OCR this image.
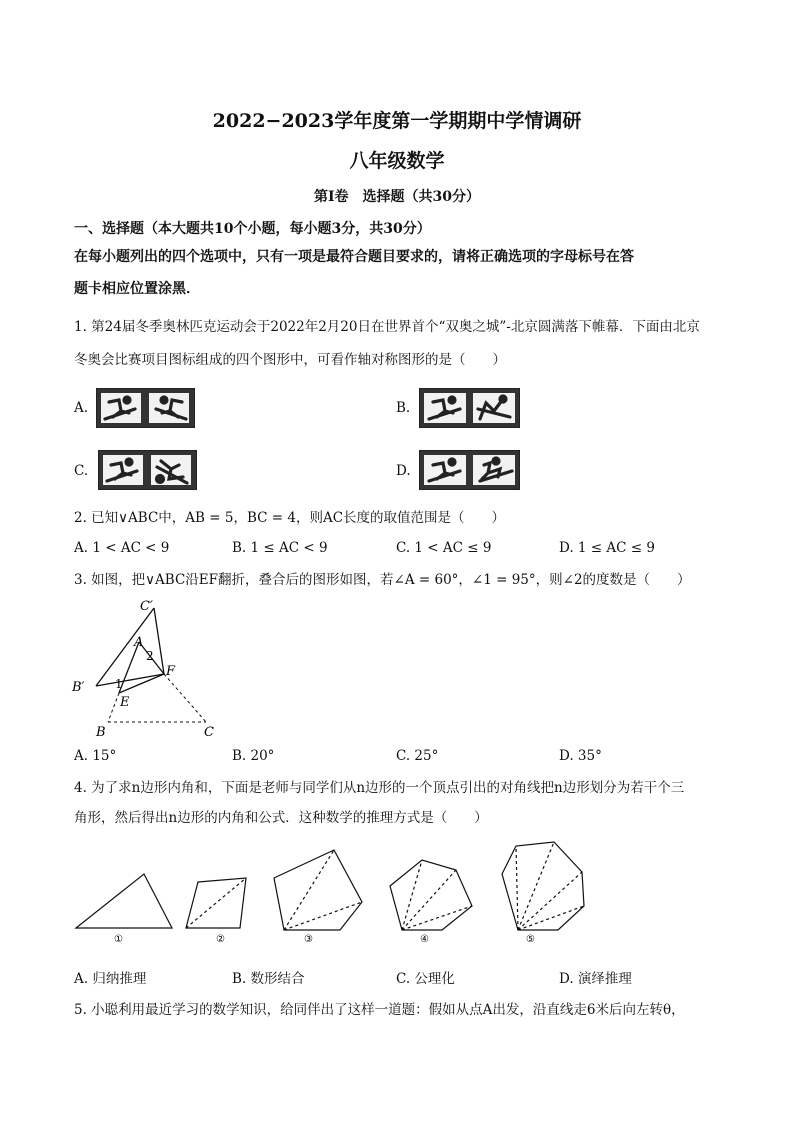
2022−2023学年度第一学期期中学情调研
八年级数学
第Ⅰ卷　选择题（共30分）
一、选择题（本大题共10个小题，每小题3分，共30分）
在每小题列出的四个选项中，只有一项是最符合题目要求的，请将正确选项的字母标号在答
题卡相应位置涂黑．
1. 第24届冬季奥林匹克运动会于2022年2月20日在世界首个“双奥之城”-北京圆满落下帷幕．下面由北京
冬奥会比赛项目图标组成的四个图形中，可看作轴对称图形的是（　　）
A.	B.
C.	D.
2. 已知∨ABC中，AB = 5，BC = 4，则AC长度的取值范围是（　　）
A. 1 < AC < 9	B. 1 ≤ AC < 9	C. 1 < AC ≤ 9	D. 1 ≤ AC ≤ 9
3. 如图，把∨ABC沿EF翻折，叠合后的图形如图，若∠A = 60°，∠1 = 95°，则∠2的度数是（　　）
C′
A
2
F
B′	1
E
B	C
A. 15°	B. 20°	C. 25°	D. 35°
4. 为了求n边形内角和，下面是老师与同学们从n边形的一个顶点引出的对角线把n边形划分为若干个三
角形，然后得出n边形的内角和公式．这种数学的推理方式是（　　）
①	②	③	④	⑤
A. 归纳推理	B. 数形结合	C. 公理化	D. 演绎推理
5. 小聪利用最近学习的数学知识，给同伴出了这样一道题：假如从点A出发，沿直线走6米后向左转θ，
